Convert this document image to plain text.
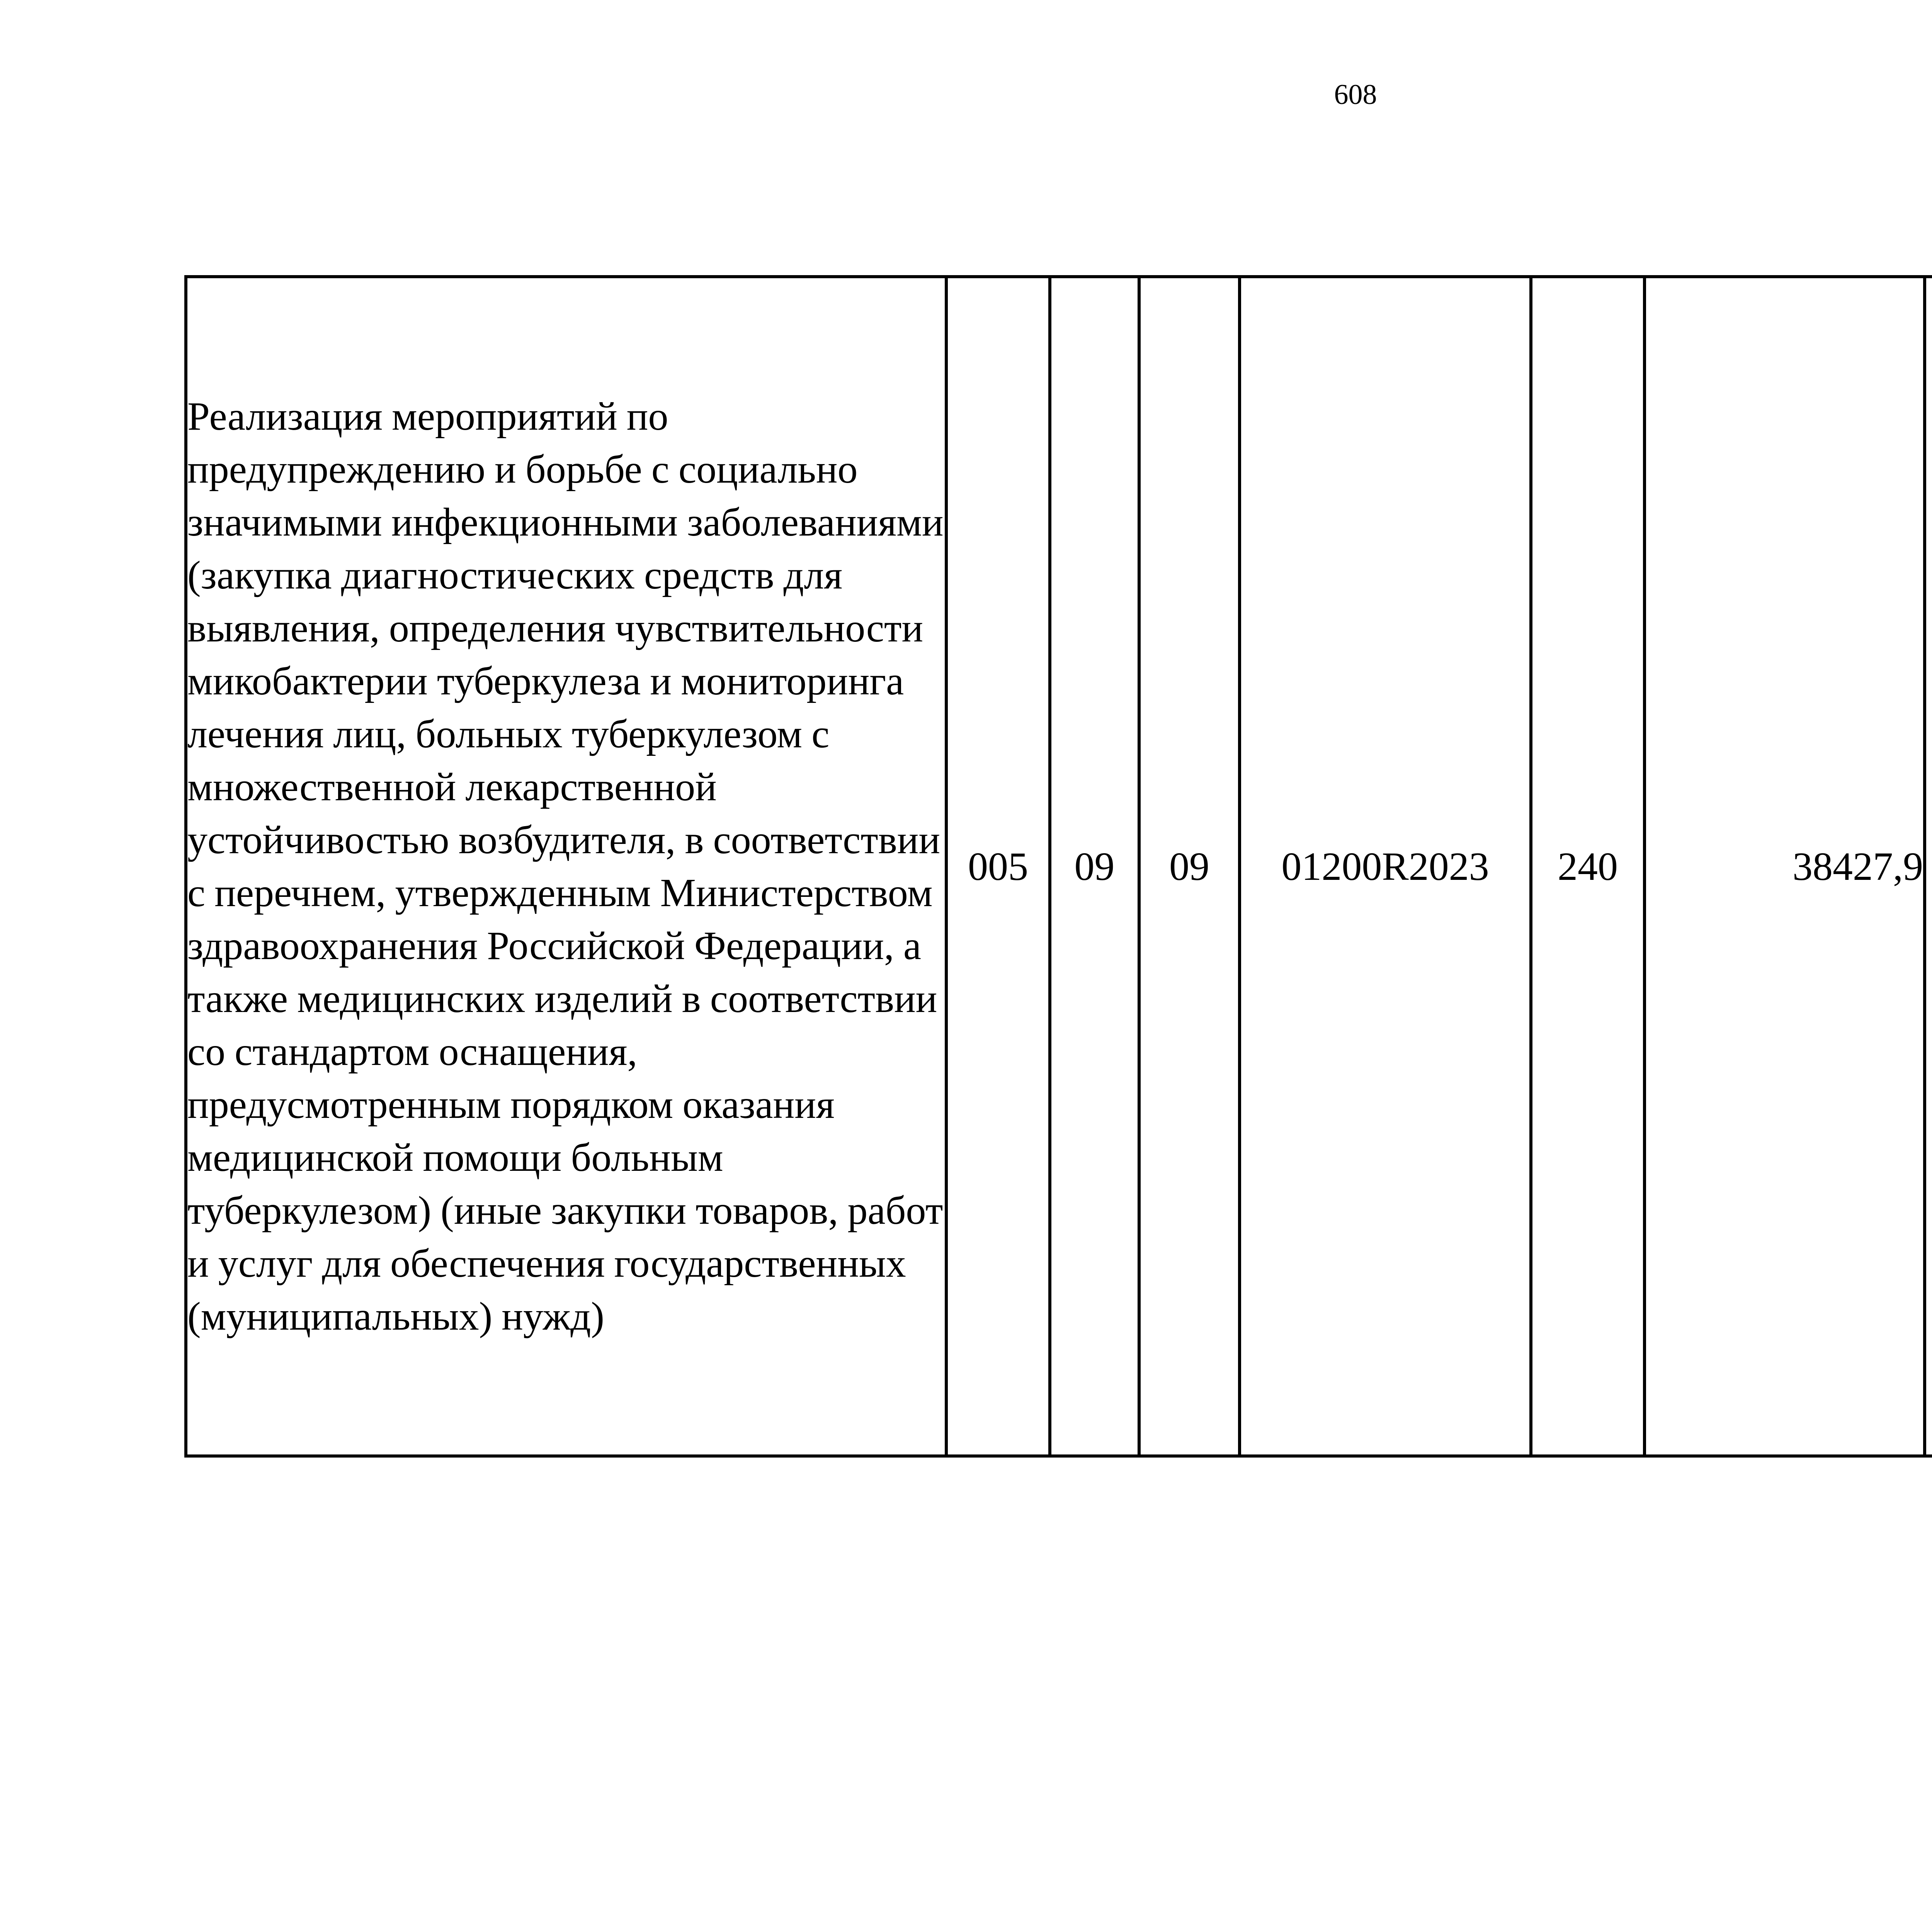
608
Реализация мероприятий по предупреждению и борьбе с социально значимыми инфекционными заболеваниями (закупка диагностических средств для выявления, определения чувствительности микобактерии туберкулеза и мониторинга лечения лиц, больных туберкулезом с множественной лекарственной устойчивостью возбудителя, в соответствии с перечнем, утвержденным Министерством здравоохранения Российской Федерации, а также медицинских изделий в соответствии со стандартом оснащения, предусмотренным порядком оказания медицинской помощи больным туберкулезом) (иные закупки товаров, работ и услуг для обеспечения государственных (муниципальных) нужд)	005	09	09	01200R2023	240	38427,9		
